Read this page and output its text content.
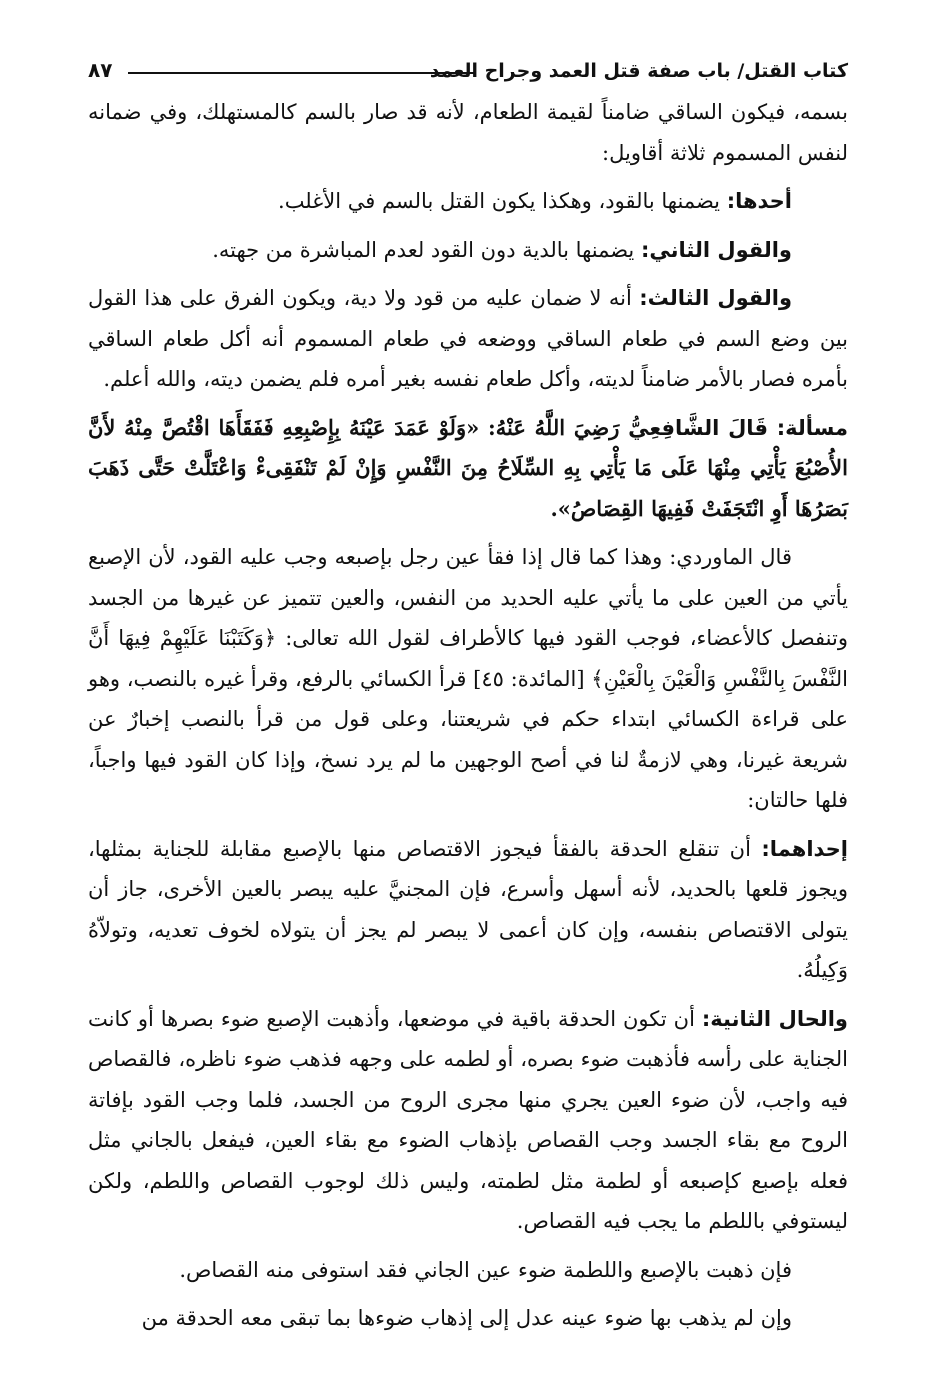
كتاب القتل/ باب صفة قتل العمد وجراح العمد
٨٧

بسمه، فيكون الساقي ضامناً لقيمة الطعام، لأنه قد صار بالسم كالمستهلك، وفي ضمانه لنفس المسموم ثلاثة أقاويل:

أحدها: يضمنها بالقود، وهكذا يكون القتل بالسم في الأغلب.

والقول الثاني: يضمنها بالدية دون القود لعدم المباشرة من جهته.

والقول الثالث: أنه لا ضمان عليه من قود ولا دية، ويكون الفرق على هذا القول بين وضع السم في طعام الساقي ووضعه في طعام المسموم أنه أكل طعام الساقي بأمره فصار بالأمر ضامناً لديته، وأكل طعام نفسه بغير أمره فلم يضمن ديته، والله أعلم.

مسألة: قَالَ الشَّافِعِيُّ رَضِيَ اللَّهُ عَنْهُ: «وَلَوْ عَمَدَ عَيْنَهُ بِإِصْبِعِهِ فَفَقَأَهَا اقْتُصَّ مِنْهُ لأَنَّ الأُصْبُعَ يَأْتِي مِنْهَا عَلَى مَا يَأْتِي بِهِ السِّلَاحُ مِنَ النَّفْسِ وَإِنْ لَمْ تَنْفَقِىءْ وَاعْتَلَّتْ حَتَّى ذَهَبَ بَصَرُهَا أَوِ انْتَجَفَتْ فَفِيهَا القِصَاصُ».

قال الماوردي: وهذا كما قال إذا فقأ عين رجل بإصبعه وجب عليه القود، لأن الإصبع يأتي من العين على ما يأتي عليه الحديد من النفس، والعين تتميز عن غيرها من الجسد وتنفصل كالأعضاء، فوجب القود فيها كالأطراف لقول الله تعالى: ﴿وَكَتَبْنَا عَلَيْهِمْ فِيهَا أَنَّ النَّفْسَ بِالنَّفْسِ وَالْعَيْنَ بِالْعَيْنِ﴾ [المائدة: ٤٥] قرأ الكسائي بالرفع، وقرأ غيره بالنصب، وهو على قراءة الكسائي ابتداء حكم في شريعتنا، وعلى قول من قرأ بالنصب إخبارٌ عن شريعة غيرنا، وهي لازمةٌ لنا في أصح الوجهين ما لم يرد نسخ، وإذا كان القود فيها واجباً، فلها حالتان:

إحداهما: أن تنقلع الحدقة بالفقأ فيجوز الاقتصاص منها بالإصبع مقابلة للجناية بمثلها، ويجوز قلعها بالحديد، لأنه أسهل وأسرع، فإن المجنيَّ عليه يبصر بالعين الأخرى، جاز أن يتولى الاقتصاص بنفسه، وإن كان أعمى لا يبصر لم يجز أن يتولاه لخوف تعديه، وتولاّهُ وَكِيلُهُ.

والحال الثانية: أن تكون الحدقة باقية في موضعها، وأذهبت الإصبع ضوء بصرها أو كانت الجناية على رأسه فأذهبت ضوء بصره، أو لطمه على وجهه فذهب ضوء ناظره، فالقصاص فيه واجب، لأن ضوء العين يجري منها مجرى الروح من الجسد، فلما وجب القود بإفاتة الروح مع بقاء الجسد وجب القصاص بإذهاب الضوء مع بقاء العين، فيفعل بالجاني مثل فعله بإصبع كإصبعه أو لطمة مثل لطمته، وليس ذلك لوجوب القصاص واللطم، ولكن ليستوفي باللطم ما يجب فيه القصاص.

فإن ذهبت بالإصبع واللطمة ضوء عين الجاني فقد استوفى منه القصاص.

وإن لم يذهب بها ضوء عينه عدل إلى إذهاب ضوءها بما تبقى معه الحدقة من
